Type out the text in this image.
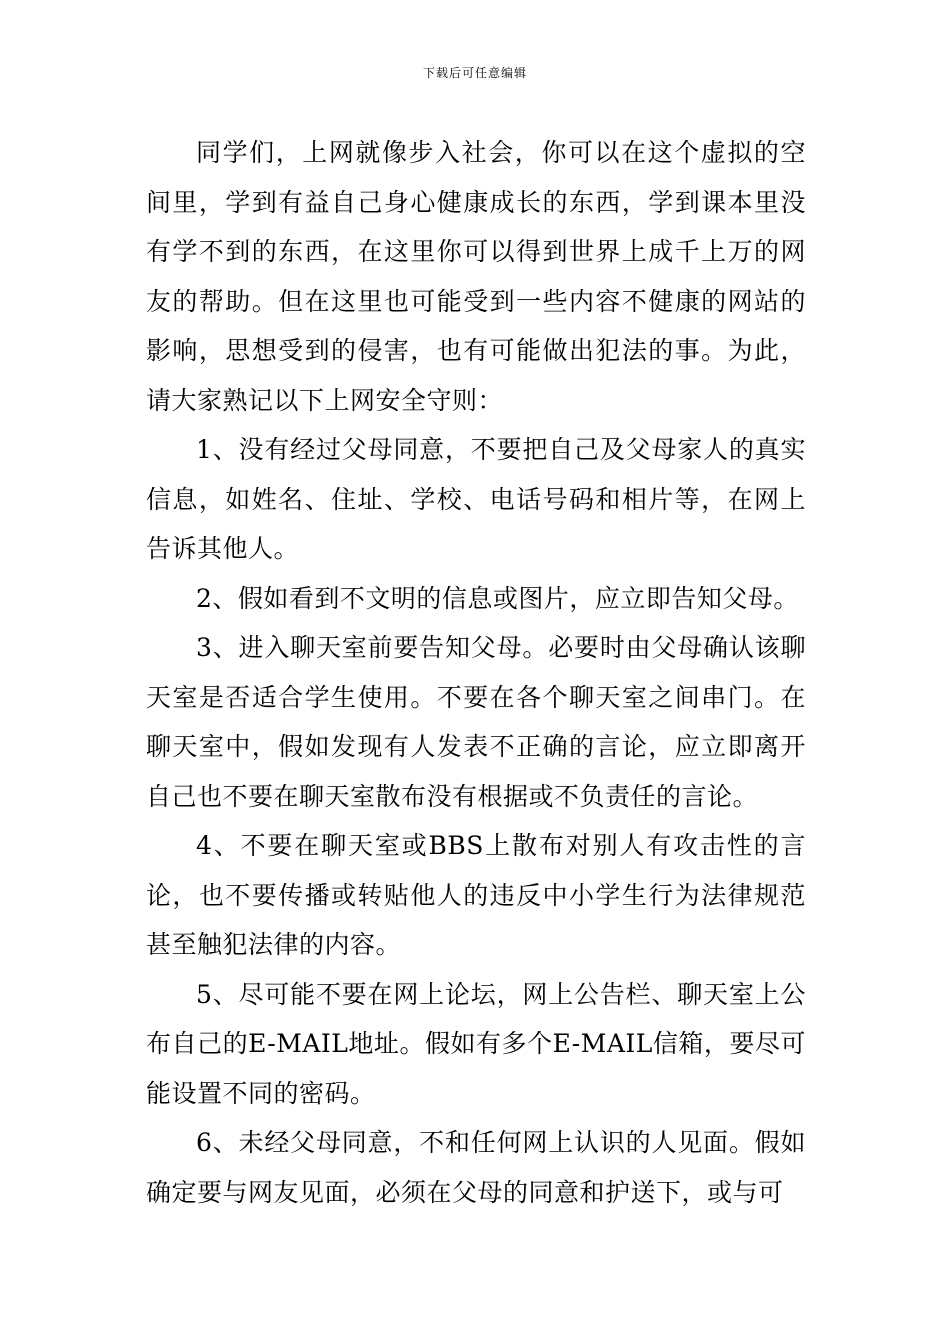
下载后可任意编辑

同学们，上网就像步入社会，你可以在这个虚拟的空间里，学到有益自己身心健康成长的东西，学到课本里没有学不到的东西，在这里你可以得到世界上成千上万的网友的帮助。但在这里也可能受到一些内容不健康的网站的影响，思想受到的侵害，也有可能做出犯法的事。为此，请大家熟记以下上网安全守则：

1、没有经过父母同意，不要把自己及父母家人的真实信息，如姓名、住址、学校、电话号码和相片等，在网上告诉其他人。

2、假如看到不文明的信息或图片，应立即告知父母。

3、进入聊天室前要告知父母。必要时由父母确认该聊天室是否适合学生使用。不要在各个聊天室之间串门。在聊天室中，假如发现有人发表不正确的言论，应立即离开自己也不要在聊天室散布没有根据或不负责任的言论。

4、不要在聊天室或BBS上散布对别人有攻击性的言论，也不要传播或转贴他人的违反中小学生行为法律规范甚至触犯法律的内容。

5、尽可能不要在网上论坛，网上公告栏、聊天室上公布自己的E-MAIL地址。假如有多个E-MAIL信箱，要尽可能设置不同的密码。

6、未经父母同意，不和任何网上认识的人见面。假如确定要与网友见面，必须在父母的同意和护送下，或与可
